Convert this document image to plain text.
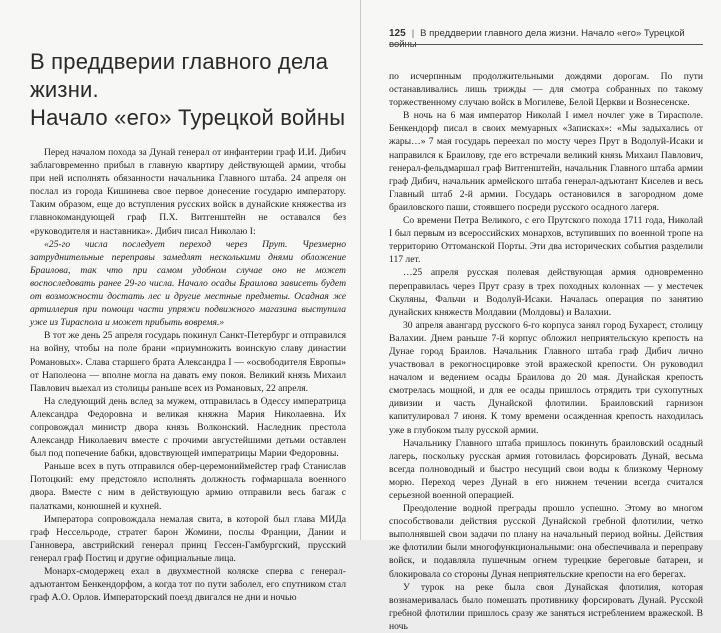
В преддверии главного дела жизни.
Начало «его» Турецкой войны

Перед началом похода за Дунай генерал от инфантерии граф И.И. Дибич заблаговременно прибыл в главную квартиру действующей армии, чтобы при ней исполнять обязанности начальника Главного штаба. 24 апреля он послал из города Кишинева свое первое донесение государю императору. Таким образом, еще до вступления русских войск в дунайские княжества из главнокомандующей граф П.Х. Витгенштейн не оставался без «руководителя и наставника». Дибич писал Николаю I:

«25-го числа последует переход через Прут. Чрезмерно затруднительные переправы замедлят несколькими днями обложение Браилова, так что при самом удобном случае оно не может воспоследовать ранее 29-го числа. Начало осады Браилова зависеть будет от возможности достать лес и другие местные предметы. Осадная же артиллерия при помощи части упряжи подвижного магазина выступила уже из Тираспола и может прибыть вовремя.»

В тот же день 25 апреля государь покинул Санкт-Петербург и отправился на войну, чтобы на поле брани «приумножить воинскую славу династии Романовых». Слава старшего брата Александра I — «освободителя Европы» от Наполеона — вполне могла на давать ему покоя. Великий князь Михаил Павлович выехал из столицы раньше всех из Романовых, 22 апреля.

На следующий день вслед за мужем, отправилась в Одессу императрица Александра Федоровна и великая княжна Мария Николаевна. Их сопровождал министр двора князь Волконский. Наследник престола Александр Николаевич вместе с прочими августейшими детьми оставлен был под попечение бабки, вдовствующей императрицы Марии Федоровны.

Раньше всех в путь отправился обер-церемониймейстер граф Станислав Потоцкий: ему предстояло исполнять должность гофмаршала военного двора. Вместе с ним в действующую армию отправили весь багаж с палатками, конюшней и кухней.

Императора сопровождала немалая свита, в которой был глава МИДа граф Нессельроде, стратег барон Жомини, послы Франции, Дании и Ганновера, австрийский генерал принц Гессен-Гамбургский, прусский генерал граф Постиц и другие официальные лица.

Монарх-смодержец ехал в двухместной коляске сперва с генерал-адъютантом Бенкендорфом, а когда тот по пути заболел, его спутником стал граф А.О. Орлов. Императорский поезд двигался не дни и ночью

125 | В преддверии главного дела жизни. Начало «его» Турецкой войны

по исчерпнным продолжительными дождями дорогам. По пути останавливались лишь трижды — для смотра собранных по такому торжественному случаю войск в Могилеве, Белой Церкви и Вознесенске.

В ночь на 6 мая император Николай I имел ночлег уже в Тирасполе. Бенкендорф писал в своих мемуарных «Записках»: «Мы задыхались от жары…» 7 мая государь переехал по мосту через Прут в Водолуй-Исаки и направился к Браилову, где его встречали великий князь Михаил Павлович, генерал-фельдмаршал граф Витгенштейн, начальник Главного штаба армии граф Дибич, начальник армейского штаба генерал-адъютант Киселев и весь Главный штаб 2-й армии. Государь остановился в загородном доме браиловского паши, стоявшего посреди русского осадного лагеря.

Со времени Петра Великого, с его Прутского похода 1711 года, Николай I был первым из всероссийских монархов, вступивших по военной тропе на территорию Оттоманской Порты. Эти два исторических события разделили 117 лет.

…25 апреля русская полевая действующая армия одновременно переправилась через Прут сразу в трех походных колоннах — у местечек Скуляны, Фальчи и Водолуй-Исаки. Началась операция по занятию дунайских княжеств Молдавии (Молдовы) и Валахии.

30 апреля авангард русского 6-го корпуса занял город Бухарест, столицу Валахии. Днем раньше 7-й корпус обложил неприятельскую крепость на Дунае город Браилов. Начальник Главного штаба граф Дибич лично участвовал в рекогносцировке этой вражеской крепости. Он руководил началом и ведением осады Браилова до 20 мая. Дунайская крепость смотрелась мощной, и для ее осады пришлось отрядить три сухопутных дивизии и часть Дунайской флотилии. Браиловский гарнизон капитулировал 7 июня. К тому времени осажденная крепость находилась уже в глубоком тылу русской армии.

Начальнику Главного штаба пришлось покинуть браиловский осадный лагерь, поскольку русская армия готовилась форсировать Дунай, весьма всегда полноводный и быстро несущий свои воды к близкому Черному морю. Переход через Дунай в его нижнем течении всегда считался серьезной военной операцией.

Преодоление водной преграды прошло успешно. Этому во многом способствовали действия русской Дунайской гребной флотилии, четко выполнявшей свои задачи по плану на начальный период войны. Действия же флотилии были многофункциональными: она обеспечивала и переправу войск, и подавляла пушечным огнем турецкие береговые батареи, и блокировала со стороны Дуная неприятельские крепости на его берегах.

У турок на реке была своя Дунайская флотилия, которая вознамеривалась было помешать противнику форсировать Дунай. Русской гребной флотилии пришлось сразу же заняться истреблением вражеской. В ночь
